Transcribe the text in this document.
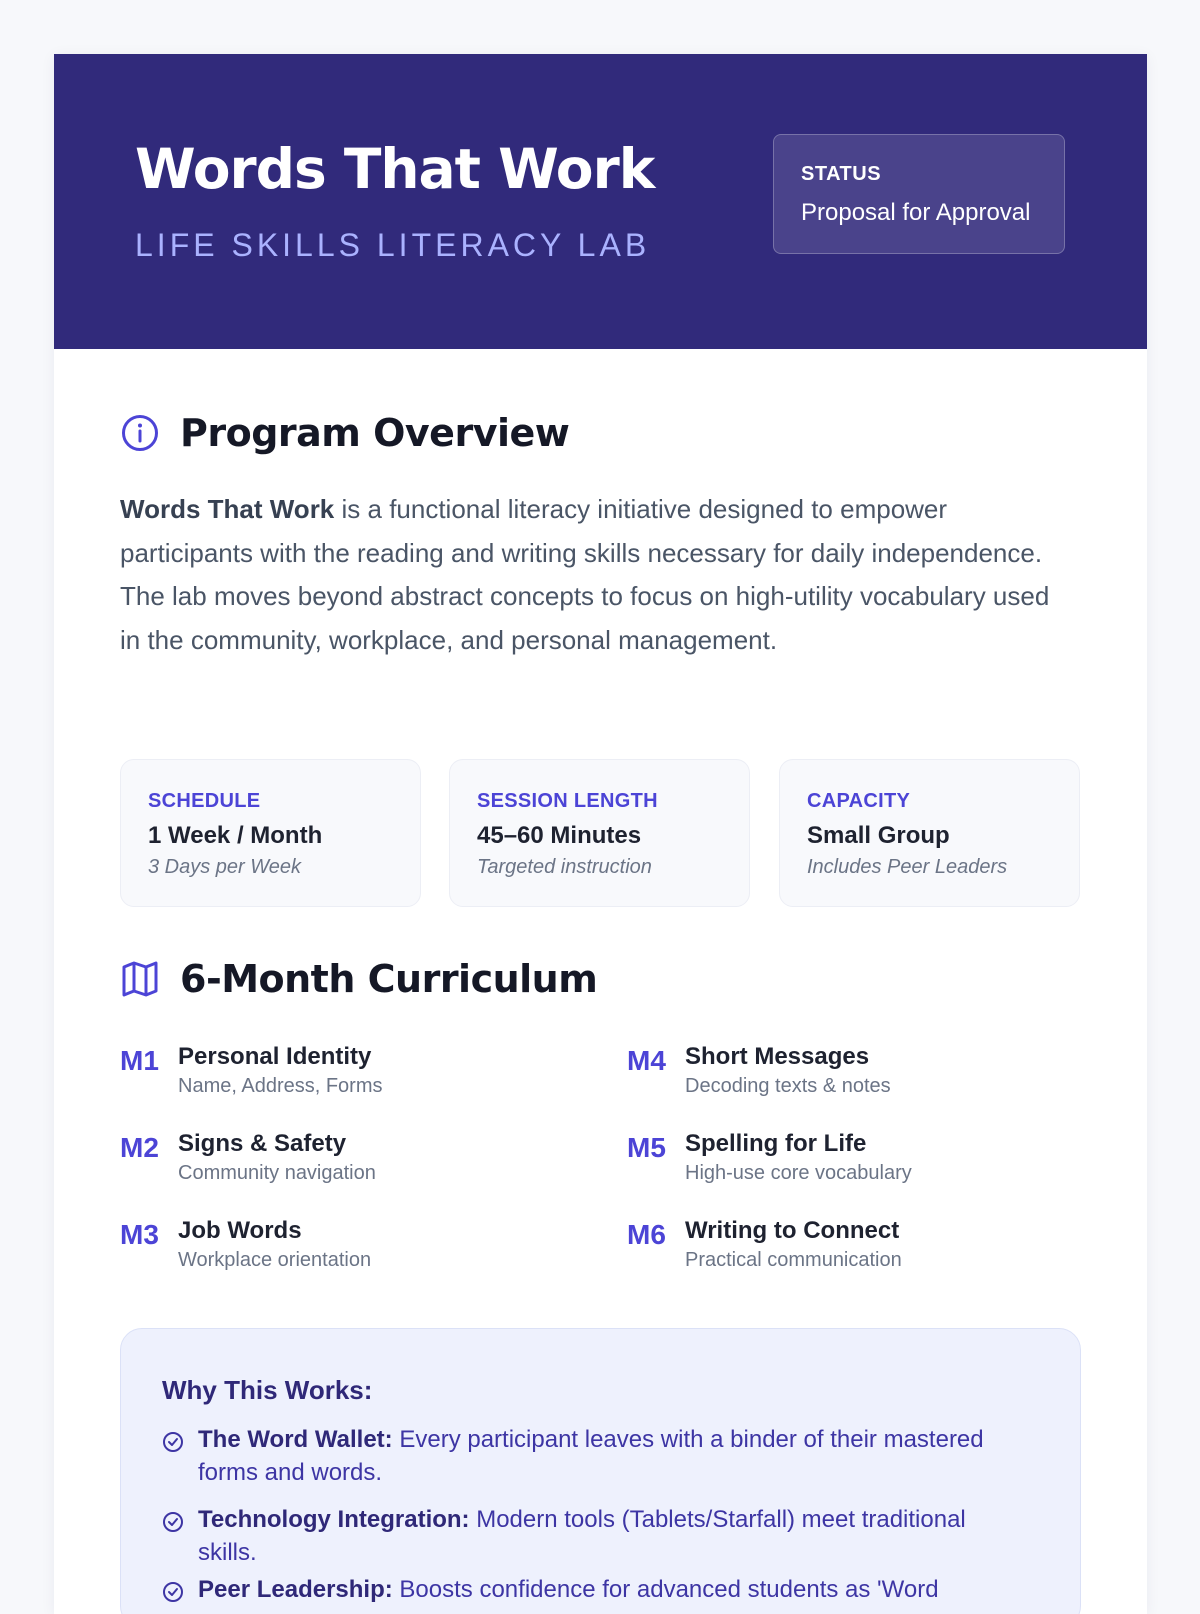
Words That Work
LIFE SKILLS LITERACY LAB
STATUS
Proposal for Approval
Program Overview

Words That Work is a functional literacy initiative designed to empower participants with the reading and writing skills necessary for daily independence. The lab moves beyond abstract concepts to focus on high-utility vocabulary used in the community, workplace, and personal management.

SCHEDULE
1 Week / Month
3 Days per Week
SESSION LENGTH
45–60 Minutes
Targeted instruction
CAPACITY
Small Group
Includes Peer Leaders
6-Month Curriculum
M1 Personal Identity
Name, Address, Forms
M2 Signs & Safety
Community navigation
M3 Job Words
Workplace orientation
M4 Short Messages
Decoding texts & notes
M5 Spelling for Life
High-use core vocabulary
M6 Writing to Connect
Practical communication
Why This Works:
The Word Wallet: Every participant leaves with a binder of their mastered forms and words.
Technology Integration: Modern tools (Tablets/Starfall) meet traditional skills.
Peer Leadership: Boosts confidence for advanced students as 'Word
